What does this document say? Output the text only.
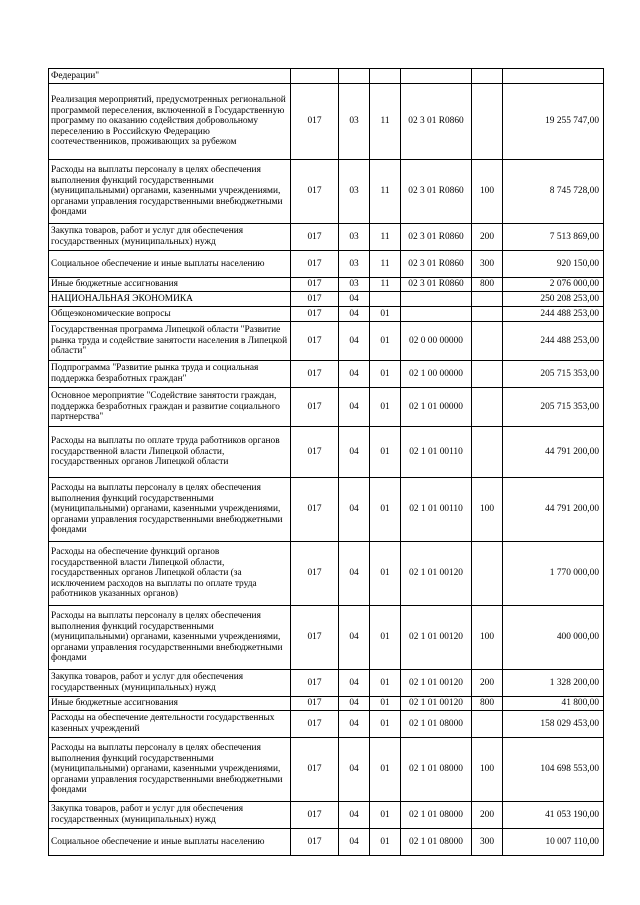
Федерации"						
Реализация мероприятий, предусмотренных региональной программой переселения, включенной в Государственную программу по оказанию содействия добровольному переселению в Российскую Федерацию соотечественников, проживающих за рубежом	017	03	11	02 3 01 R0860		19 255 747,00
Расходы на выплаты персоналу в целях обеспечения выполнения функций государственными (муниципальными) органами, казенными учреждениями, органами управления государственными внебюджетными фондами	017	03	11	02 3 01 R0860	100	8 745 728,00
Закупка товаров, работ и услуг для обеспечения государственных (муниципальных) нужд	017	03	11	02 3 01 R0860	200	7 513 869,00
Социальное обеспечение и иные выплаты населению	017	03	11	02 3 01 R0860	300	920 150,00
Иные бюджетные ассигнования	017	03	11	02 3 01 R0860	800	2 076 000,00
НАЦИОНАЛЬНАЯ ЭКОНОМИКА	017	04				250 208 253,00
Общеэкономические вопросы	017	04	01			244 488 253,00
Государственная программа Липецкой области "Развитие рынка труда и содействие занятости населения в Липецкой области"	017	04	01	02 0 00 00000		244 488 253,00
Подпрограмма "Развитие рынка труда и социальная поддержка безработных граждан"	017	04	01	02 1 00 00000		205 715 353,00
Основное мероприятие "Содействие занятости граждан, поддержка безработных граждан и развитие социального партнерства"	017	04	01	02 1 01 00000		205 715 353,00
Расходы на выплаты по оплате труда работников органов государственной власти Липецкой области, государственных органов Липецкой области	017	04	01	02 1 01 00110		44 791 200,00
Расходы на выплаты персоналу в целях обеспечения выполнения функций государственными (муниципальными) органами, казенными учреждениями, органами управления государственными внебюджетными фондами	017	04	01	02 1 01 00110	100	44 791 200,00
Расходы на обеспечение функций органов государственной власти Липецкой области, государственных органов Липецкой области (за исключением расходов на выплаты по оплате труда работников указанных органов)	017	04	01	02 1 01 00120		1 770 000,00
Расходы на выплаты персоналу в целях обеспечения выполнения функций государственными (муниципальными) органами, казенными учреждениями, органами управления государственными внебюджетными фондами	017	04	01	02 1 01 00120	100	400 000,00
Закупка товаров, работ и услуг для обеспечения государственных (муниципальных) нужд	017	04	01	02 1 01 00120	200	1 328 200,00
Иные бюджетные ассигнования	017	04	01	02 1 01 00120	800	41 800,00
Расходы на обеспечение деятельности государственных казенных учреждений	017	04	01	02 1 01 08000		158 029 453,00
Расходы на выплаты персоналу в целях обеспечения выполнения функций государственными (муниципальными) органами, казенными учреждениями, органами управления государственными внебюджетными фондами	017	04	01	02 1 01 08000	100	104 698 553,00
Закупка товаров, работ и услуг для обеспечения государственных (муниципальных) нужд	017	04	01	02 1 01 08000	200	41 053 190,00
Социальное обеспечение и иные выплаты населению	017	04	01	02 1 01 08000	300	10 007 110,00
